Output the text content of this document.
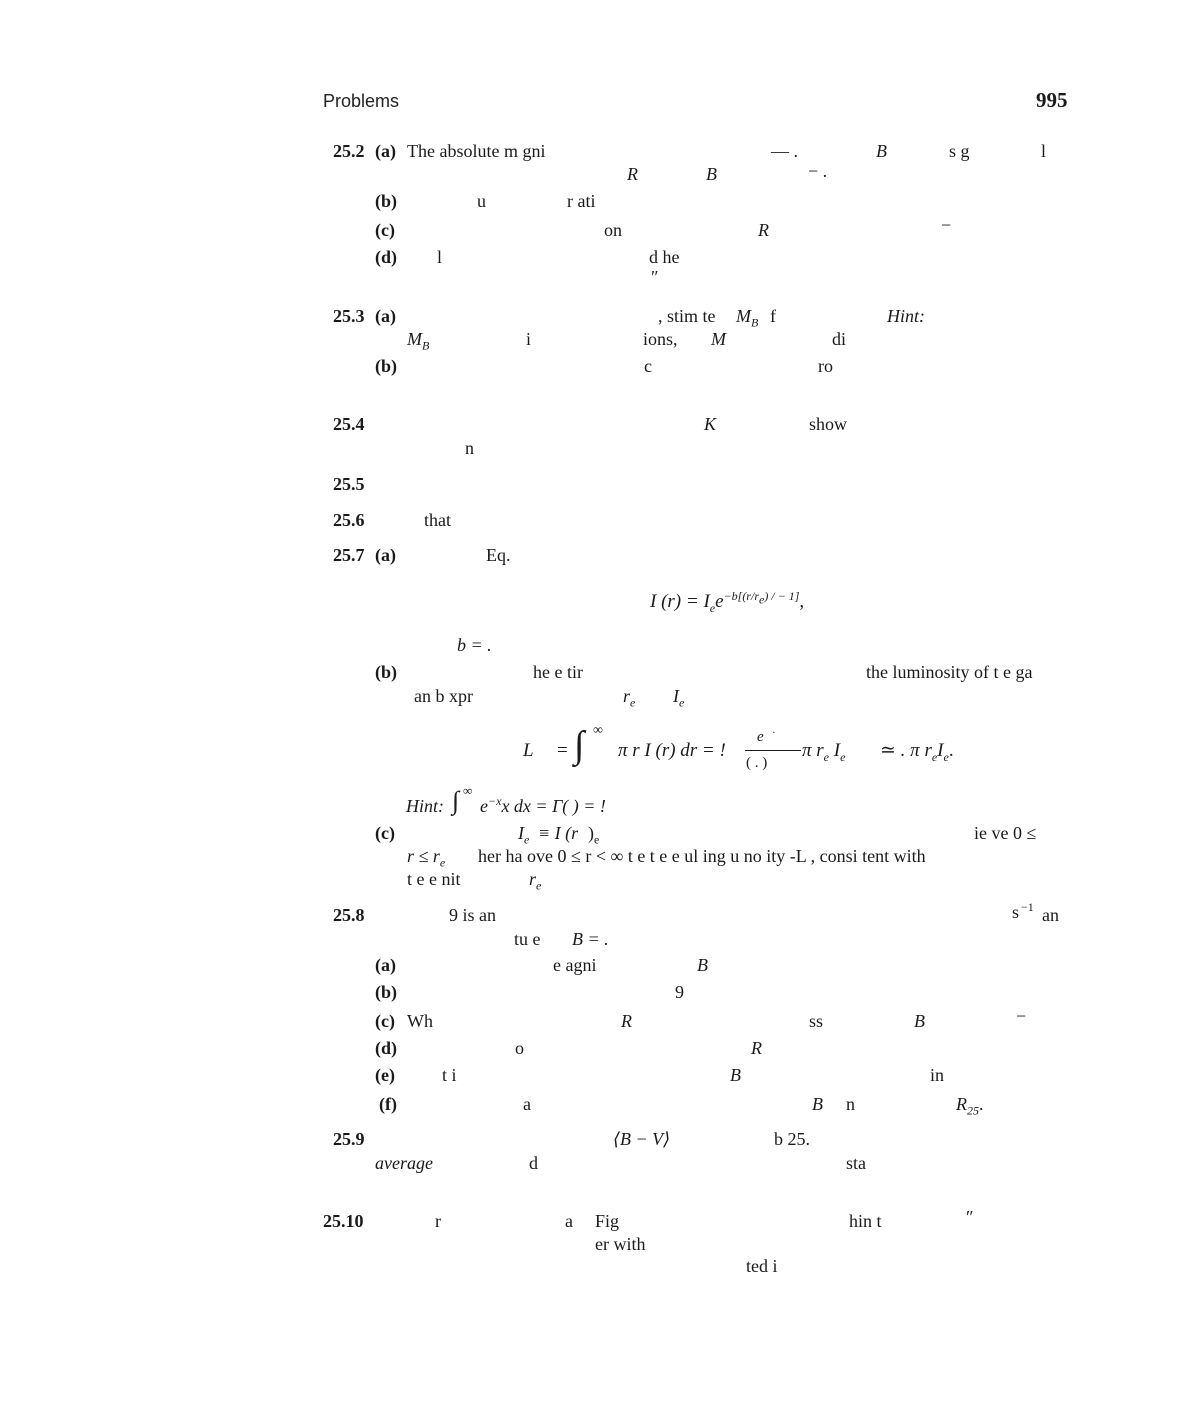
Problems	995
25.2 (a) The absolute m gni	— .	B	s g	l
R	B	− .
(b)	u	r ati
(c)	on	R	−
(d) l	d he
″
25.3 (a)	, stim te $M_B$ f	Hint:
$M_B$	i	ions, M	di
(b)	c	ro
25.4	K	show
n
25.5
25.6	that
25.7 (a)	Eq.
b = .
(b)	he e tir	the luminosity of t e ga
an b xpr	$r_e$ $I_e$
(c)	$I_e \equiv I$ (r )$_e$	ie ve 0 ≤
$r \le r_e$ her ha ove 0 ≤ r < ∞ t e t e e ul ing u no ity -L , consi tent with
t e e nit	$r_e$
25.8	9 is an	s −1 an
tu e B = .
(a)	e agni	B
(b)	9
(c) Wh	R	ss	B	−
(d)	o	R
(e)	t i	B	in
(f)	a	B n	$R_{25}$.
25.9	⟨B − V⟩	b 25.
average	d	sta
25.10	r	a Fig	hin t	″
er with
ted i
I $(r) = I_ee^{-b[(r/r_e) / - 1]}$,
L = ∫ ∞
π r I (r) dr = !
e ·
( . )
π $r_e$ $I_e$ ≃ . π $r_eI_e$.
Hint: ∫ ∞
$e^{-x}x$ dx = Γ( ) = !
